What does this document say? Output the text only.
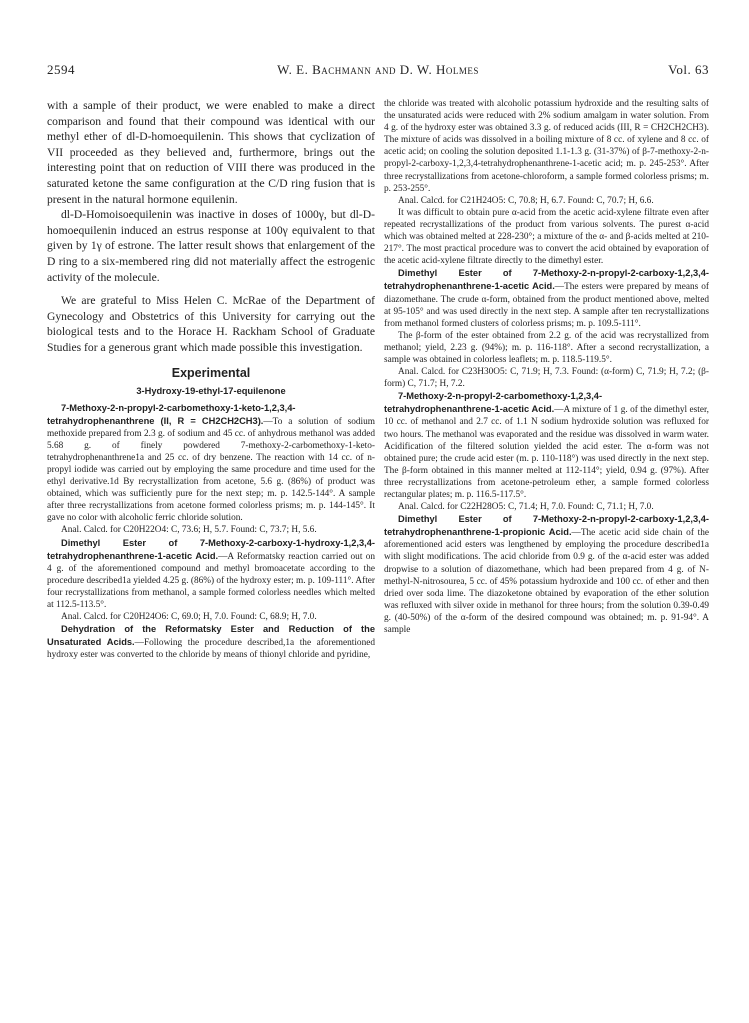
2594	W. E. Bachmann and D. W. Holmes	Vol. 63

with a sample of their product, we were enabled to make a direct comparison and found that their compound was identical with our methyl ether of dl-D-homoequilenin. This shows that cyclization of VII proceeded as they believed and, furthermore, brings out the interesting point that on reduction of VIII there was produced in the saturated ketone the same configuration at the C/D ring fusion that is present in the natural hormone equilenin.

dl-D-Homoisoequilenin was inactive in doses of 1000γ, but dl-D-homoequilenin induced an estrus response at 100γ equivalent to that given by 1γ of estrone. The latter result shows that enlargement of the D ring to a six-membered ring did not materially affect the estrogenic activity of the molecule.

We are grateful to Miss Helen C. McRae of the Department of Gynecology and Obstetrics of this University for carrying out the biological tests and to the Horace H. Rackham School of Graduate Studies for a generous grant which made possible this investigation.

Experimental
3-Hydroxy-19-ethyl-17-equilenone

7-Methoxy-2-n-propyl-2-carbomethoxy-1-keto-1,2,3,4-tetrahydrophenanthrene (II, R = CH2CH2CH3).—To a solution of sodium methoxide prepared from 2.3 g. of sodium and 45 cc. of anhydrous methanol was added 5.68 g. of finely powdered 7-methoxy-2-carbomethoxy-1-keto-tetrahydrophenanthrene1a and 25 cc. of dry benzene. The reaction with 14 cc. of n-propyl iodide was carried out by employing the same procedure and time used for the ethyl derivative.1d By recrystallization from acetone, 5.6 g. (86%) of product was obtained, which was sufficiently pure for the next step; m. p. 142.5-144°. A sample after three recrystallizations from acetone formed colorless prisms; m. p. 144-145°. It gave no color with alcoholic ferric chloride solution.

Anal. Calcd. for C20H22O4: C, 73.6; H, 5.7. Found: C, 73.7; H, 5.6.

Dimethyl Ester of 7-Methoxy-2-carboxy-1-hydroxy-1,2,3,4-tetrahydrophenanthrene-1-acetic Acid.—A Reformatsky reaction carried out on 4 g. of the aforementioned compound and methyl bromoacetate according to the procedure described1a yielded 4.25 g. (86%) of the hydroxy ester; m. p. 109-111°. After four recrystallizations from methanol, a sample formed colorless needles which melted at 112.5-113.5°.

Anal. Calcd. for C20H24O6: C, 69.0; H, 7.0. Found: C, 68.9; H, 7.0.

Dehydration of the Reformatsky Ester and Reduction of the Unsaturated Acids.—Following the procedure described,1a the aforementioned hydroxy ester was converted to the chloride by means of thionyl chloride and pyridine,

the chloride was treated with alcoholic potassium hydroxide and the resulting salts of the unsaturated acids were reduced with 2% sodium amalgam in water solution. From 4 g. of the hydroxy ester was obtained 3.3 g. of reduced acids (III, R = CH2CH2CH3). The mixture of acids was dissolved in a boiling mixture of 8 cc. of xylene and 8 cc. of acetic acid; on cooling the solution deposited 1.1-1.3 g. (31-37%) of β-7-methoxy-2-n-propyl-2-carboxy-1,2,3,4-tetrahydrophenanthrene-1-acetic acid; m. p. 245-253°. After three recrystallizations from acetone-chloroform, a sample formed colorless prisms; m. p. 253-255°.

Anal. Calcd. for C21H24O5: C, 70.8; H, 6.7. Found: C, 70.7; H, 6.6.

It was difficult to obtain pure α-acid from the acetic acid-xylene filtrate even after repeated recrystallizations of the product from various solvents. The purest α-acid which was obtained melted at 228-230°; a mixture of the α- and β-acids melted at 210-217°. The most practical procedure was to convert the acid obtained by evaporation of the acetic acid-xylene filtrate directly to the dimethyl ester.

Dimethyl Ester of 7-Methoxy-2-n-propyl-2-carboxy-1,2,3,4-tetrahydrophenanthrene-1-acetic Acid.—The esters were prepared by means of diazomethane. The crude α-form, obtained from the product mentioned above, melted at 95-105° and was used directly in the next step. A sample after ten recrystallizations from methanol formed clusters of colorless prisms; m. p. 109.5-111°.

The β-form of the ester obtained from 2.2 g. of the acid was recrystallized from methanol; yield, 2.23 g. (94%); m. p. 116-118°. After a second recrystallization, a sample was obtained in colorless leaflets; m. p. 118.5-119.5°.

Anal. Calcd. for C23H30O5: C, 71.9; H, 7.3. Found: (α-form) C, 71.9; H, 7.2; (β-form) C, 71.7; H, 7.2.

7-Methoxy-2-n-propyl-2-carbomethoxy-1,2,3,4-tetrahydrophenanthrene-1-acetic Acid.—A mixture of 1 g. of the dimethyl ester, 10 cc. of methanol and 2.7 cc. of 1.1 N sodium hydroxide solution was refluxed for two hours. The methanol was evaporated and the residue was dissolved in warm water. Acidification of the filtered solution yielded the acid ester. The α-form was not obtained pure; the crude acid ester (m. p. 110-118°) was used directly in the next step. The β-form obtained in this manner melted at 112-114°; yield, 0.94 g. (97%). After three recrystallizations from acetone-petroleum ether, a sample formed colorless rectangular plates; m. p. 116.5-117.5°.

Anal. Calcd. for C22H28O5: C, 71.4; H, 7.0. Found: C, 71.1; H, 7.0.

Dimethyl Ester of 7-Methoxy-2-n-propyl-2-carboxy-1,2,3,4-tetrahydrophenanthrene-1-propionic Acid.—The acetic acid side chain of the aforementioned acid esters was lengthened by employing the procedure described1a with slight modifications. The acid chloride from 0.9 g. of the α-acid ester was added dropwise to a solution of diazomethane, which had been prepared from 4 g. of N-methyl-N-nitrosourea, 5 cc. of 45% potassium hydroxide and 100 cc. of ether and then dried over soda lime. The diazoketone obtained by evaporation of the ether solution was refluxed with silver oxide in methanol for three hours; from the solution 0.39-0.49 g. (40-50%) of the α-form of the desired compound was obtained; m. p. 91-94°. A sample
